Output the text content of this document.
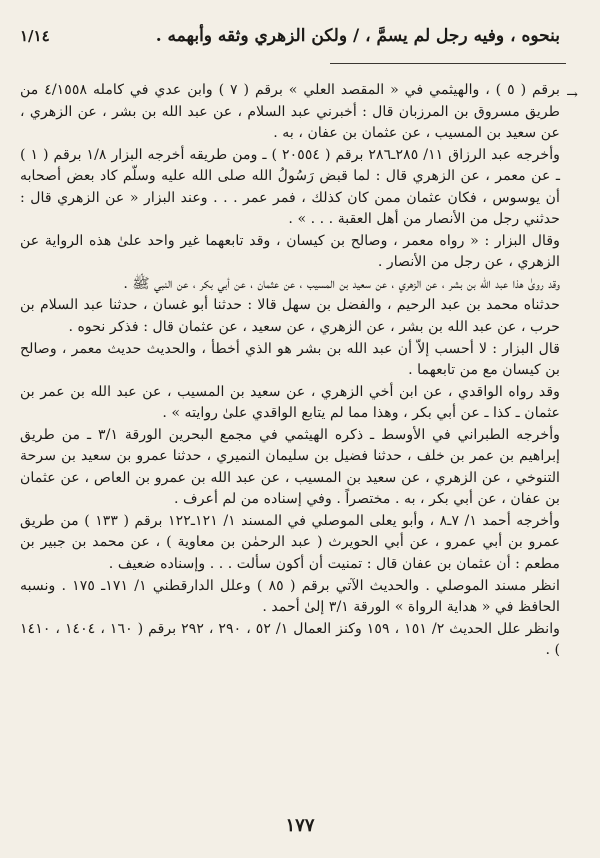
بنحوه ، وفيه رجل لم يسمَّ ، / ولكن الزهري وثقه وأبهمه .
١/١٤
→

برقم ( ٥ ) ، والهيثمي في « المقصد العلي » برقم ( ٧ ) وابن عدي في كامله ٤/١٥٥٨ من طريق مسروق بن المرزبان قال : أخبرني عبد السلام ، عن عبد الله بن بشر ، عن الزهري ، عن سعيد بن المسيب ، عن عثمان بن عفان ، به .

وأخرجه عبد الرزاق ١١/ ٢٨٥ـ٢٨٦ برقم ( ٢٠٥٥٤ ) ـ ومن طريقه أخرجه البزار ١/٨ برقم ( ١ ) ـ عن معمر ، عن الزهري قال : لما قبض رَسُولُ الله صلى الله عليه وسلّم كاد بعض أصحابه أن يوسوس ، فكان عثمان ممن كان كذلك ، فمر عمر . . . وعند البزار « عن الزهري قال : حدثني رجل من الأنصار من أهل العقبة . . . » .

وقال البزار : « رواه معمر ، وصالح بن كيسان ، وقد تابعهما غير واحد علىٰ هذه الرواية عن الزهري ، عن رجل من الأنصار .

وقد روىٰ هذا عبد الله بن بشر ، عن الزهري ، عن سعيد بن المسيب ، عن عثمان ، عن أبي بكر ، عن النبي ﷺ .

حدثناه محمد بن عبد الرحيم ، والفضل بن سهل قالا : حدثنا أبو غسان ، حدثنا عبد السلام بن حرب ، عن عبد الله بن بشر ، عن الزهري ، عن سعيد ، عن عثمان قال : فذكر نحوه .

قال البزار : لا أحسب إلاّ أن عبد الله بن بشر هو الذي أخطأ ، والحديث حديث معمر ، وصالح بن كيسان مع من تابعهما .

وقد رواه الواقدي ، عن ابن أخي الزهري ، عن سعيد بن المسيب ، عن عبد الله بن عمر بن عثمان ـ كذا ـ عن أبي بكر ، وهذا مما لم يتابع الواقدي علىٰ روايته » .

وأخرجه الطبراني في الأوسط ـ ذكره الهيثمي في مجمع البحرين الورقة ٣/١ ـ من طريق إبراهيم بن عمر بن خلف ، حدثنا فضيل بن سليمان النميري ، حدثنا عمرو بن سعيد بن سرحة التنوخي ، عن الزهري ، عن سعيد بن المسيب ، عن عبد الله بن عمرو بن العاص ، عن عثمان بن عفان ، عن أبي بكر ، به . مختصراً . وفي إسناده من لم أعرف .

وأخرجه أحمد ١/ ٧ـ٨ ، وأبو يعلى الموصلي في المسند ١/ ١٢١ـ١٢٢ برقم ( ١٣٣ ) من طريق عمرو بن أبي عمرو ، عن أبي الحويرث ( عبد الرحمٰن بن معاوية ) ، عن محمد بن جبير بن مطعم : أن عثمان بن عفان قال : تمنيت أن أكون سألت . . . وإسناده ضعيف .

انظر مسند الموصلي . والحديث الآتي برقم ( ٨٥ ) وعلل الدارقطني ١/ ١٧١ـ ١٧٥ . ونسبه الحافظ في « هداية الرواة » الورقة ٣/١ إلىٰ أحمد .

وانظر علل الحديث ٢/ ١٥١ ، ١٥٩ وكنز العمال ١/ ٥٢ ، ٢٩٠ ، ٢٩٢ برقم ( ١٦٠ ، ١٤٠٤ ، ١٤١٠ ) .

١٧٧
